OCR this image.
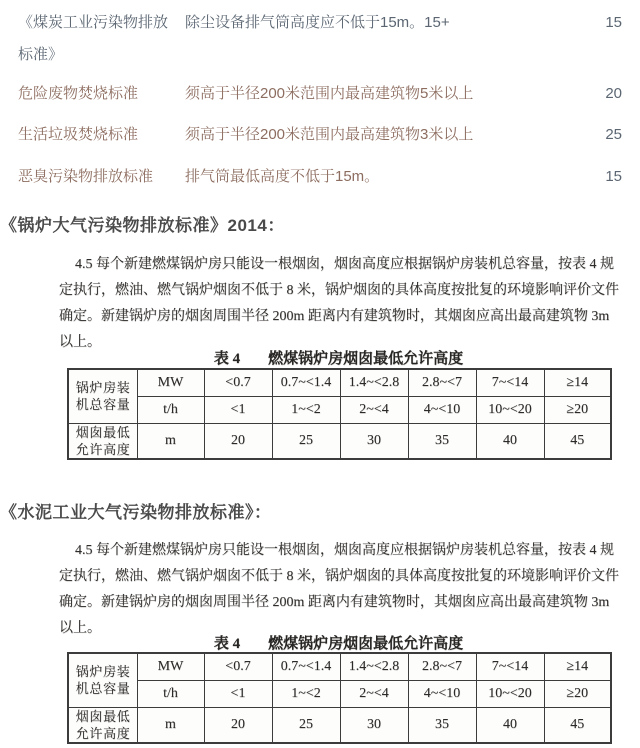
《煤炭工业污染物排放 除尘设备排气筒高度应不低于15m。15+	15
标准》
危险废物焚烧标准	须高于半径200米范围内最高建筑物5米以上	20
生活垃圾焚烧标准	须高于半径200米范围内最高建筑物3米以上	25
恶臭污染物排放标准 排气筒最低高度不低于15m。	15
《锅炉大气污染物排放标准》2014：
4.5 每个新建燃煤锅炉房只能设一根烟囱，烟囱高度应根据锅炉房装机总容量，按表 4 规
定执行，燃油、燃气锅炉烟囱不低于 8 米，锅炉烟囱的具体高度按批复的环境影响评价文件
确定。新建锅炉房的烟囱周围半径 200m 距离内有建筑物时，其烟囱应高出最高建筑物 3m
以上。
表 4 燃煤锅炉房烟囱最低允许高度
锅炉房装机总容量	MW	<0.7	0.7~<1.4	1.4~<2.8	2.8~<7	7~<14	≥14
	t/h	<1	1~<2	2~<4	4~<10	10~<20	≥20
烟囱最低允许高度	m	20	25	30	35	40	45
《水泥工业大气污染物排放标准》：
4.5 每个新建燃煤锅炉房只能设一根烟囱，烟囱高度应根据锅炉房装机总容量，按表 4 规
定执行，燃油、燃气锅炉烟囱不低于 8 米，锅炉烟囱的具体高度按批复的环境影响评价文件
确定。新建锅炉房的烟囱周围半径 200m 距离内有建筑物时，其烟囱应高出最高建筑物 3m
以上。
表 4 燃煤锅炉房烟囱最低允许高度
锅炉房装机总容量	MW	<0.7	0.7~<1.4	1.4~<2.8	2.8~<7	7~<14	≥14
	t/h	<1	1~<2	2~<4	4~<10	10~<20	≥20
烟囱最低允许高度	m	20	25	30	35	40	45
